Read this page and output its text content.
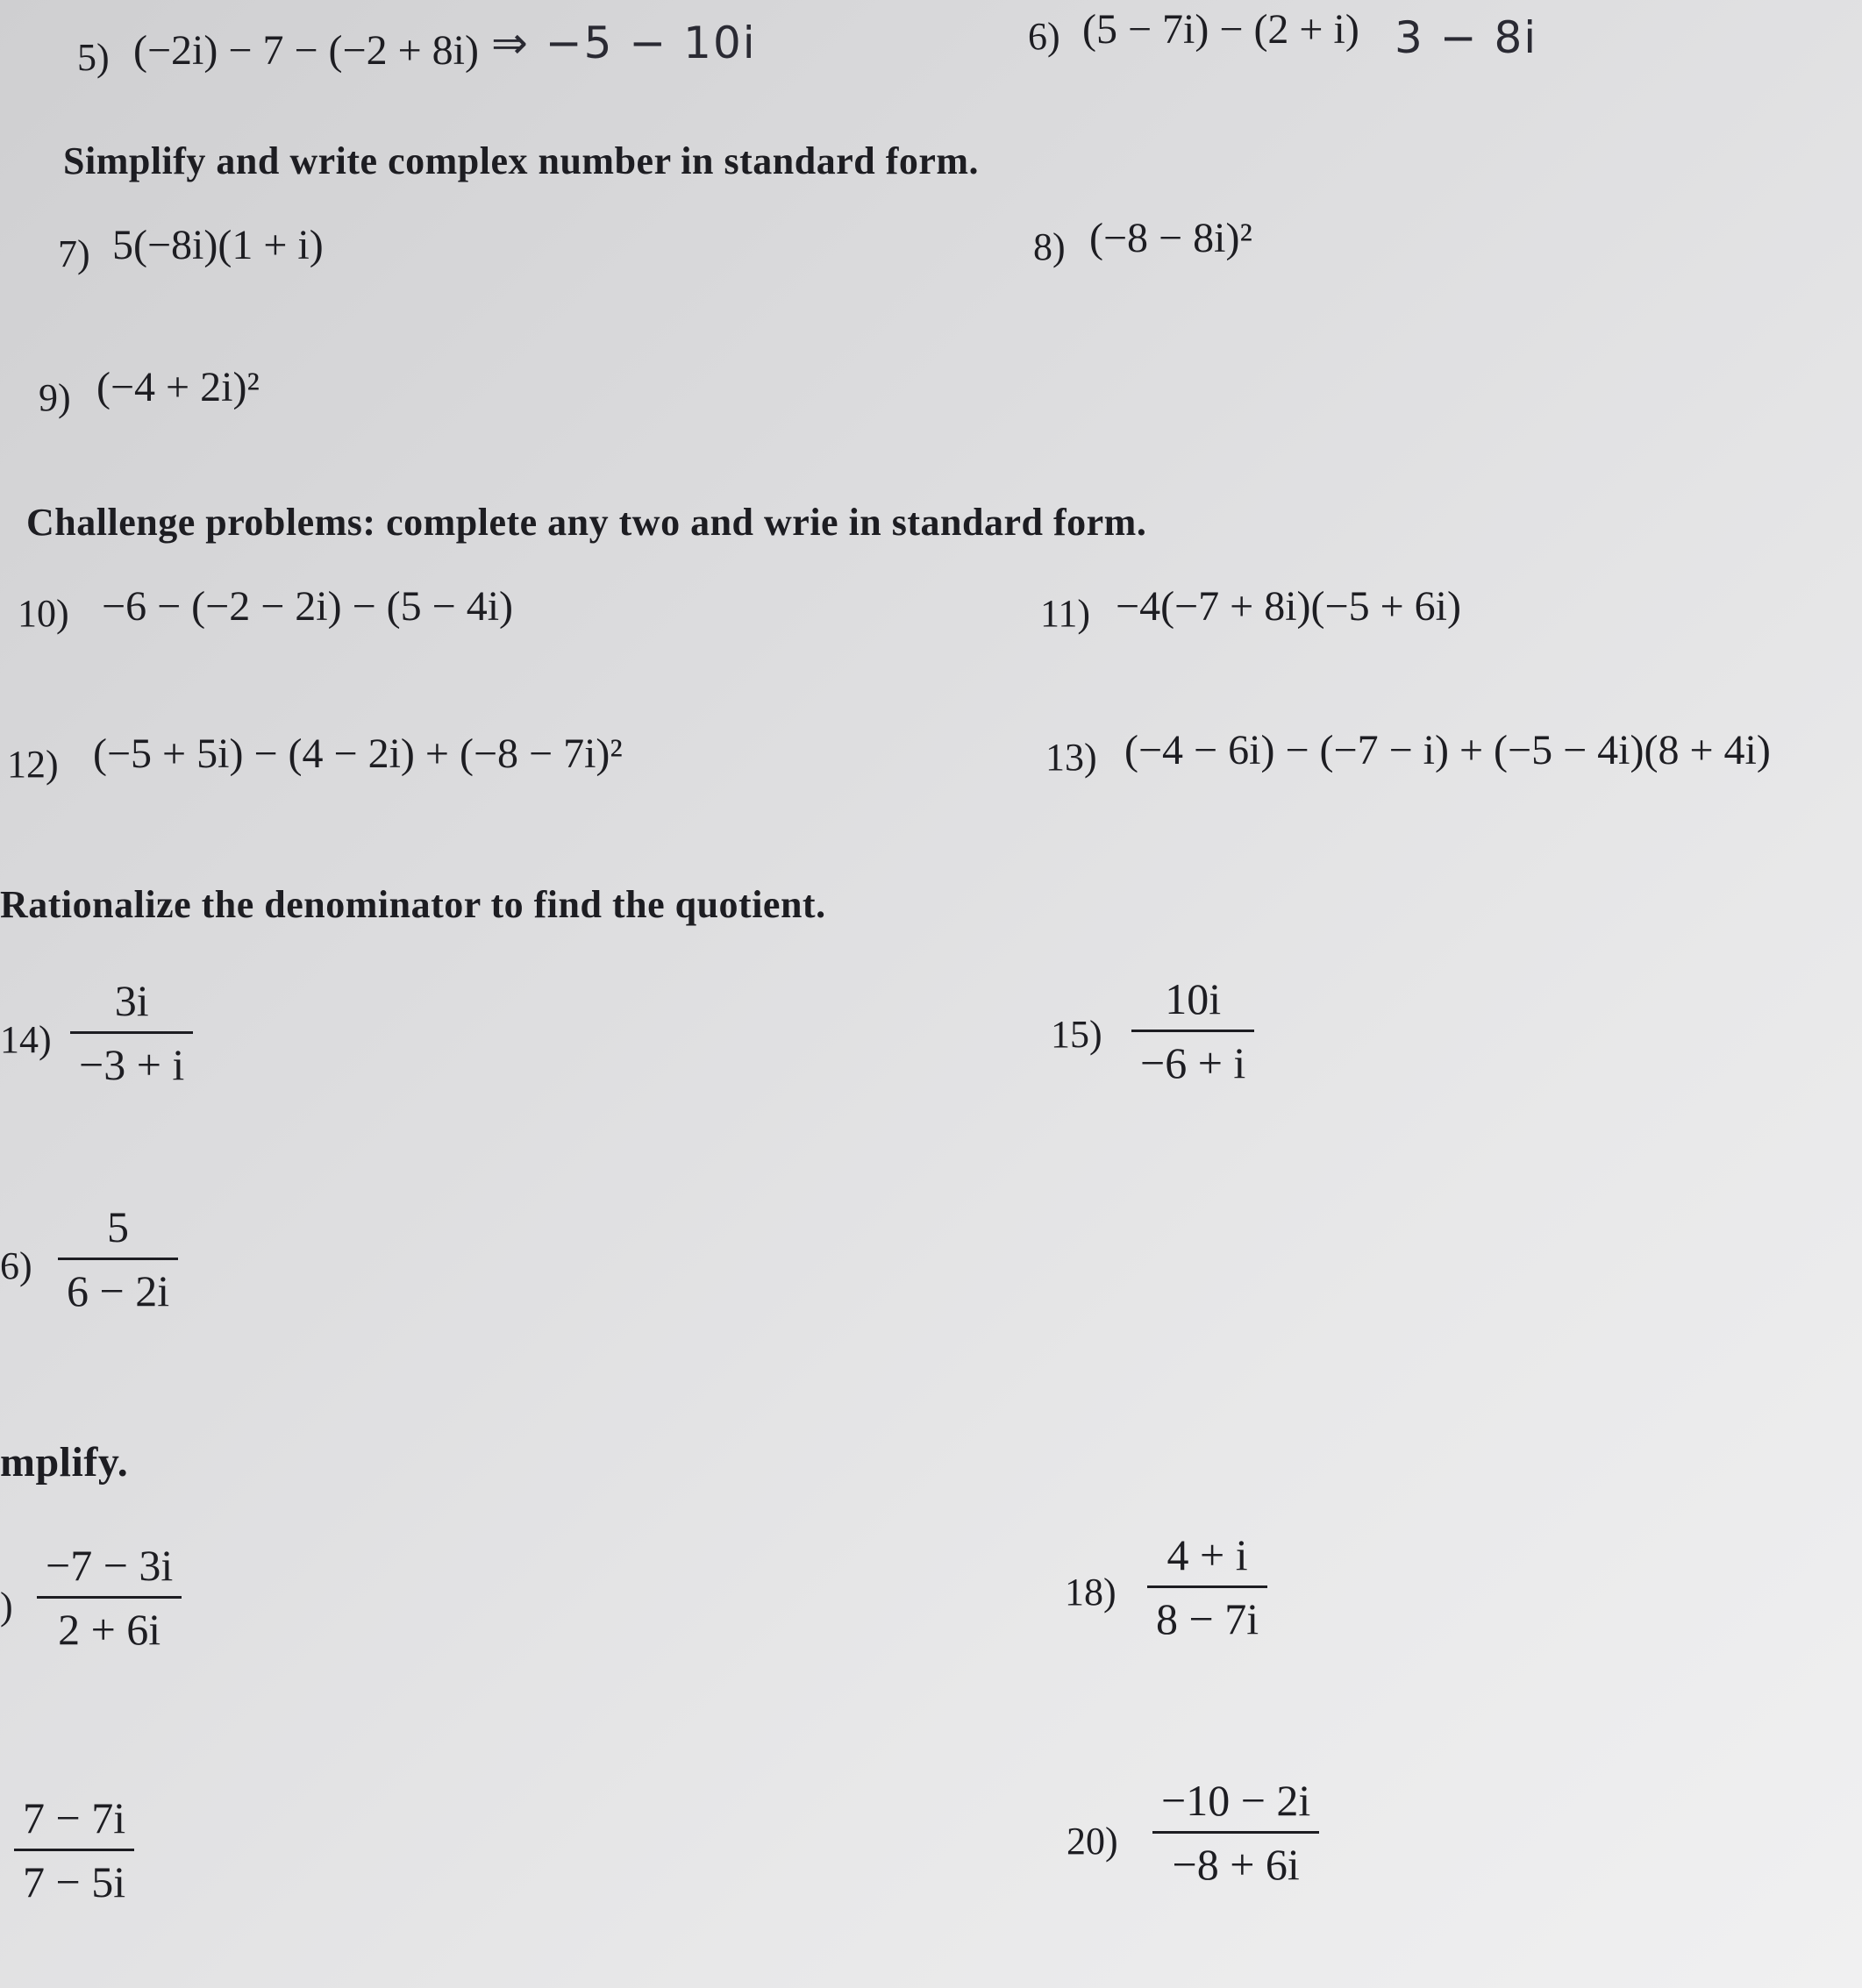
5) (−2i) − 7 − (−2 + 8i) ⇒ −5 − 10i	6) (5 − 7i) − (2 + i) 3 − 8i
Simplify and write complex number in standard form.
7) 5(−8i)(1 + i)	8) (−8 − 8i)²
9) (−4 + 2i)²
Challenge problems: complete any two and wrie in standard form.
10) −6 − (−2 − 2i) − (5 − 4i)	11) −4(−7 + 8i)(−5 + 6i)
12) (−5 + 5i) − (4 − 2i) + (−8 − 7i)²	13) (−4 − 6i) − (−7 − i) + (−5 − 4i)(8 + 4i)
Rationalize the denominator to find the quotient.
14)
3i
−3 + i
15)
10i
−6 + i
6)
5
6 − 2i
mplify.
)
−7 − 3i
2 + 6i
18)
4 + i
8 − 7i
7 − 7i
7 − 5i
20)
−10 − 2i
−8 + 6i
